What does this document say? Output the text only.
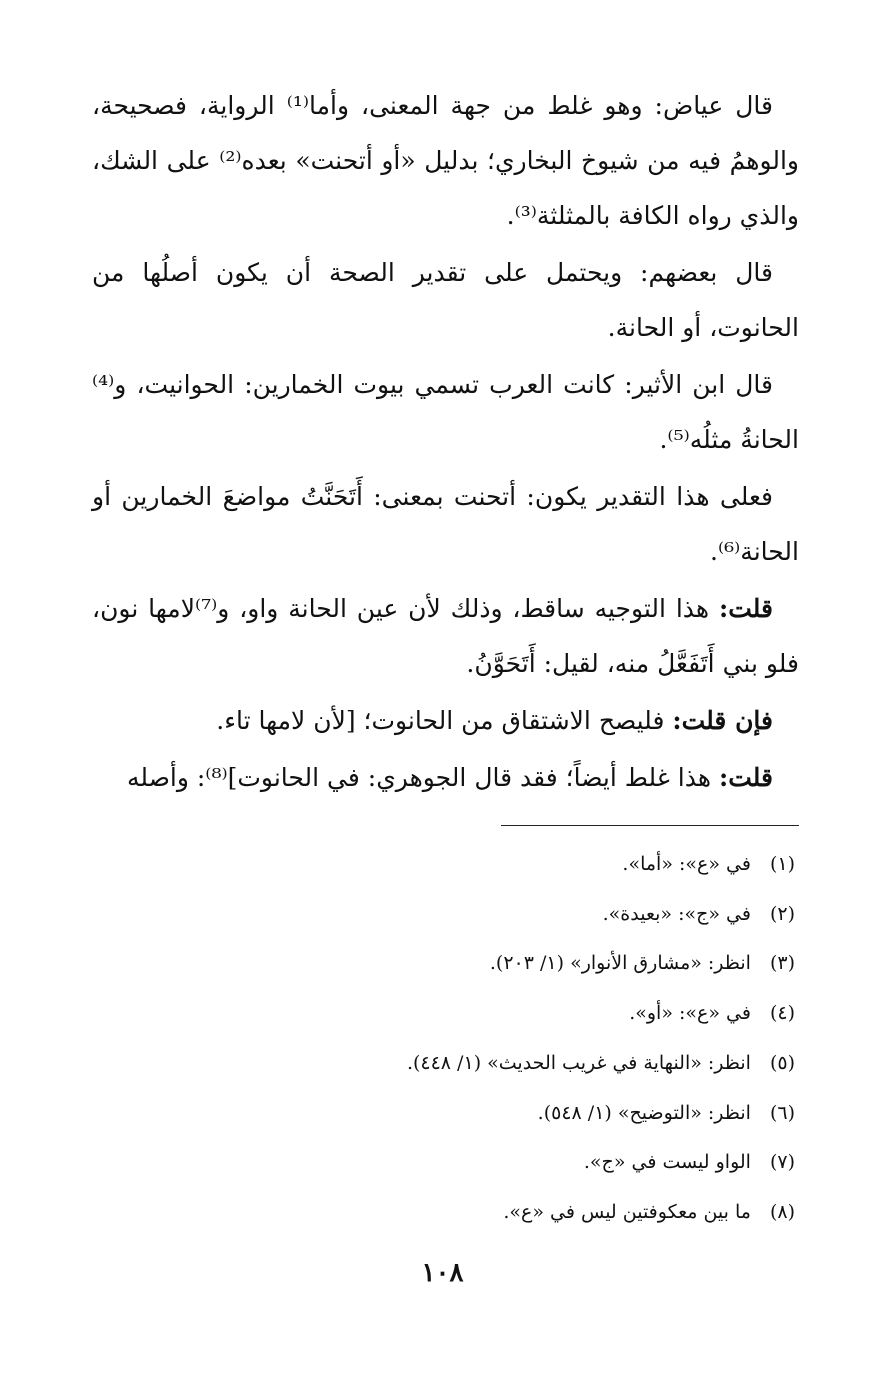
قال عياض: وهو غلط من جهة المعنى، وأما⁽¹⁾ الرواية، فصحيحة، والوهمُ فيه من شيوخ البخاري؛ بدليل «أو أتحنت» بعده⁽²⁾ على الشك، والذي رواه الكافة بالمثلثة⁽³⁾.

قال بعضهم: ويحتمل على تقدير الصحة أن يكون أصلُها من الحانوت، أو الحانة.

قال ابن الأثير: كانت العرب تسمي بيوت الخمارين: الحوانيت، و⁽⁴⁾الحانةُ مثلُه⁽⁵⁾.

فعلى هذا التقدير يكون: أتحنت بمعنى: أَتَحَنَّتُ مواضعَ الخمارين أو الحانة⁽⁶⁾.

قلت: هذا التوجيه ساقط، وذلك لأن عين الحانة واو، و⁽⁷⁾لامها نون، فلو بني أَتَفَعَّلُ منه، لقيل: أَتَحَوَّنُ.

فإن قلت: فليصح الاشتقاق من الحانوت؛ [لأن لامها تاء.

قلت: هذا غلط أيضاً؛ فقد قال الجوهري: في الحانوت]⁽⁸⁾: وأصله

(١) في «ع»: «أما».
(٢) في «ج»: «بعيدة».
(٣) انظر: «مشارق الأنوار» (١/ ٢٠٣).
(٤) في «ع»: «أو».
(٥) انظر: «النهاية في غريب الحديث» (١/ ٤٤٨).
(٦) انظر: «التوضيح» (١/ ٥٤٨).
(٧) الواو ليست في «ج».
(٨) ما بين معكوفتين ليس في «ع».
١٠٨
